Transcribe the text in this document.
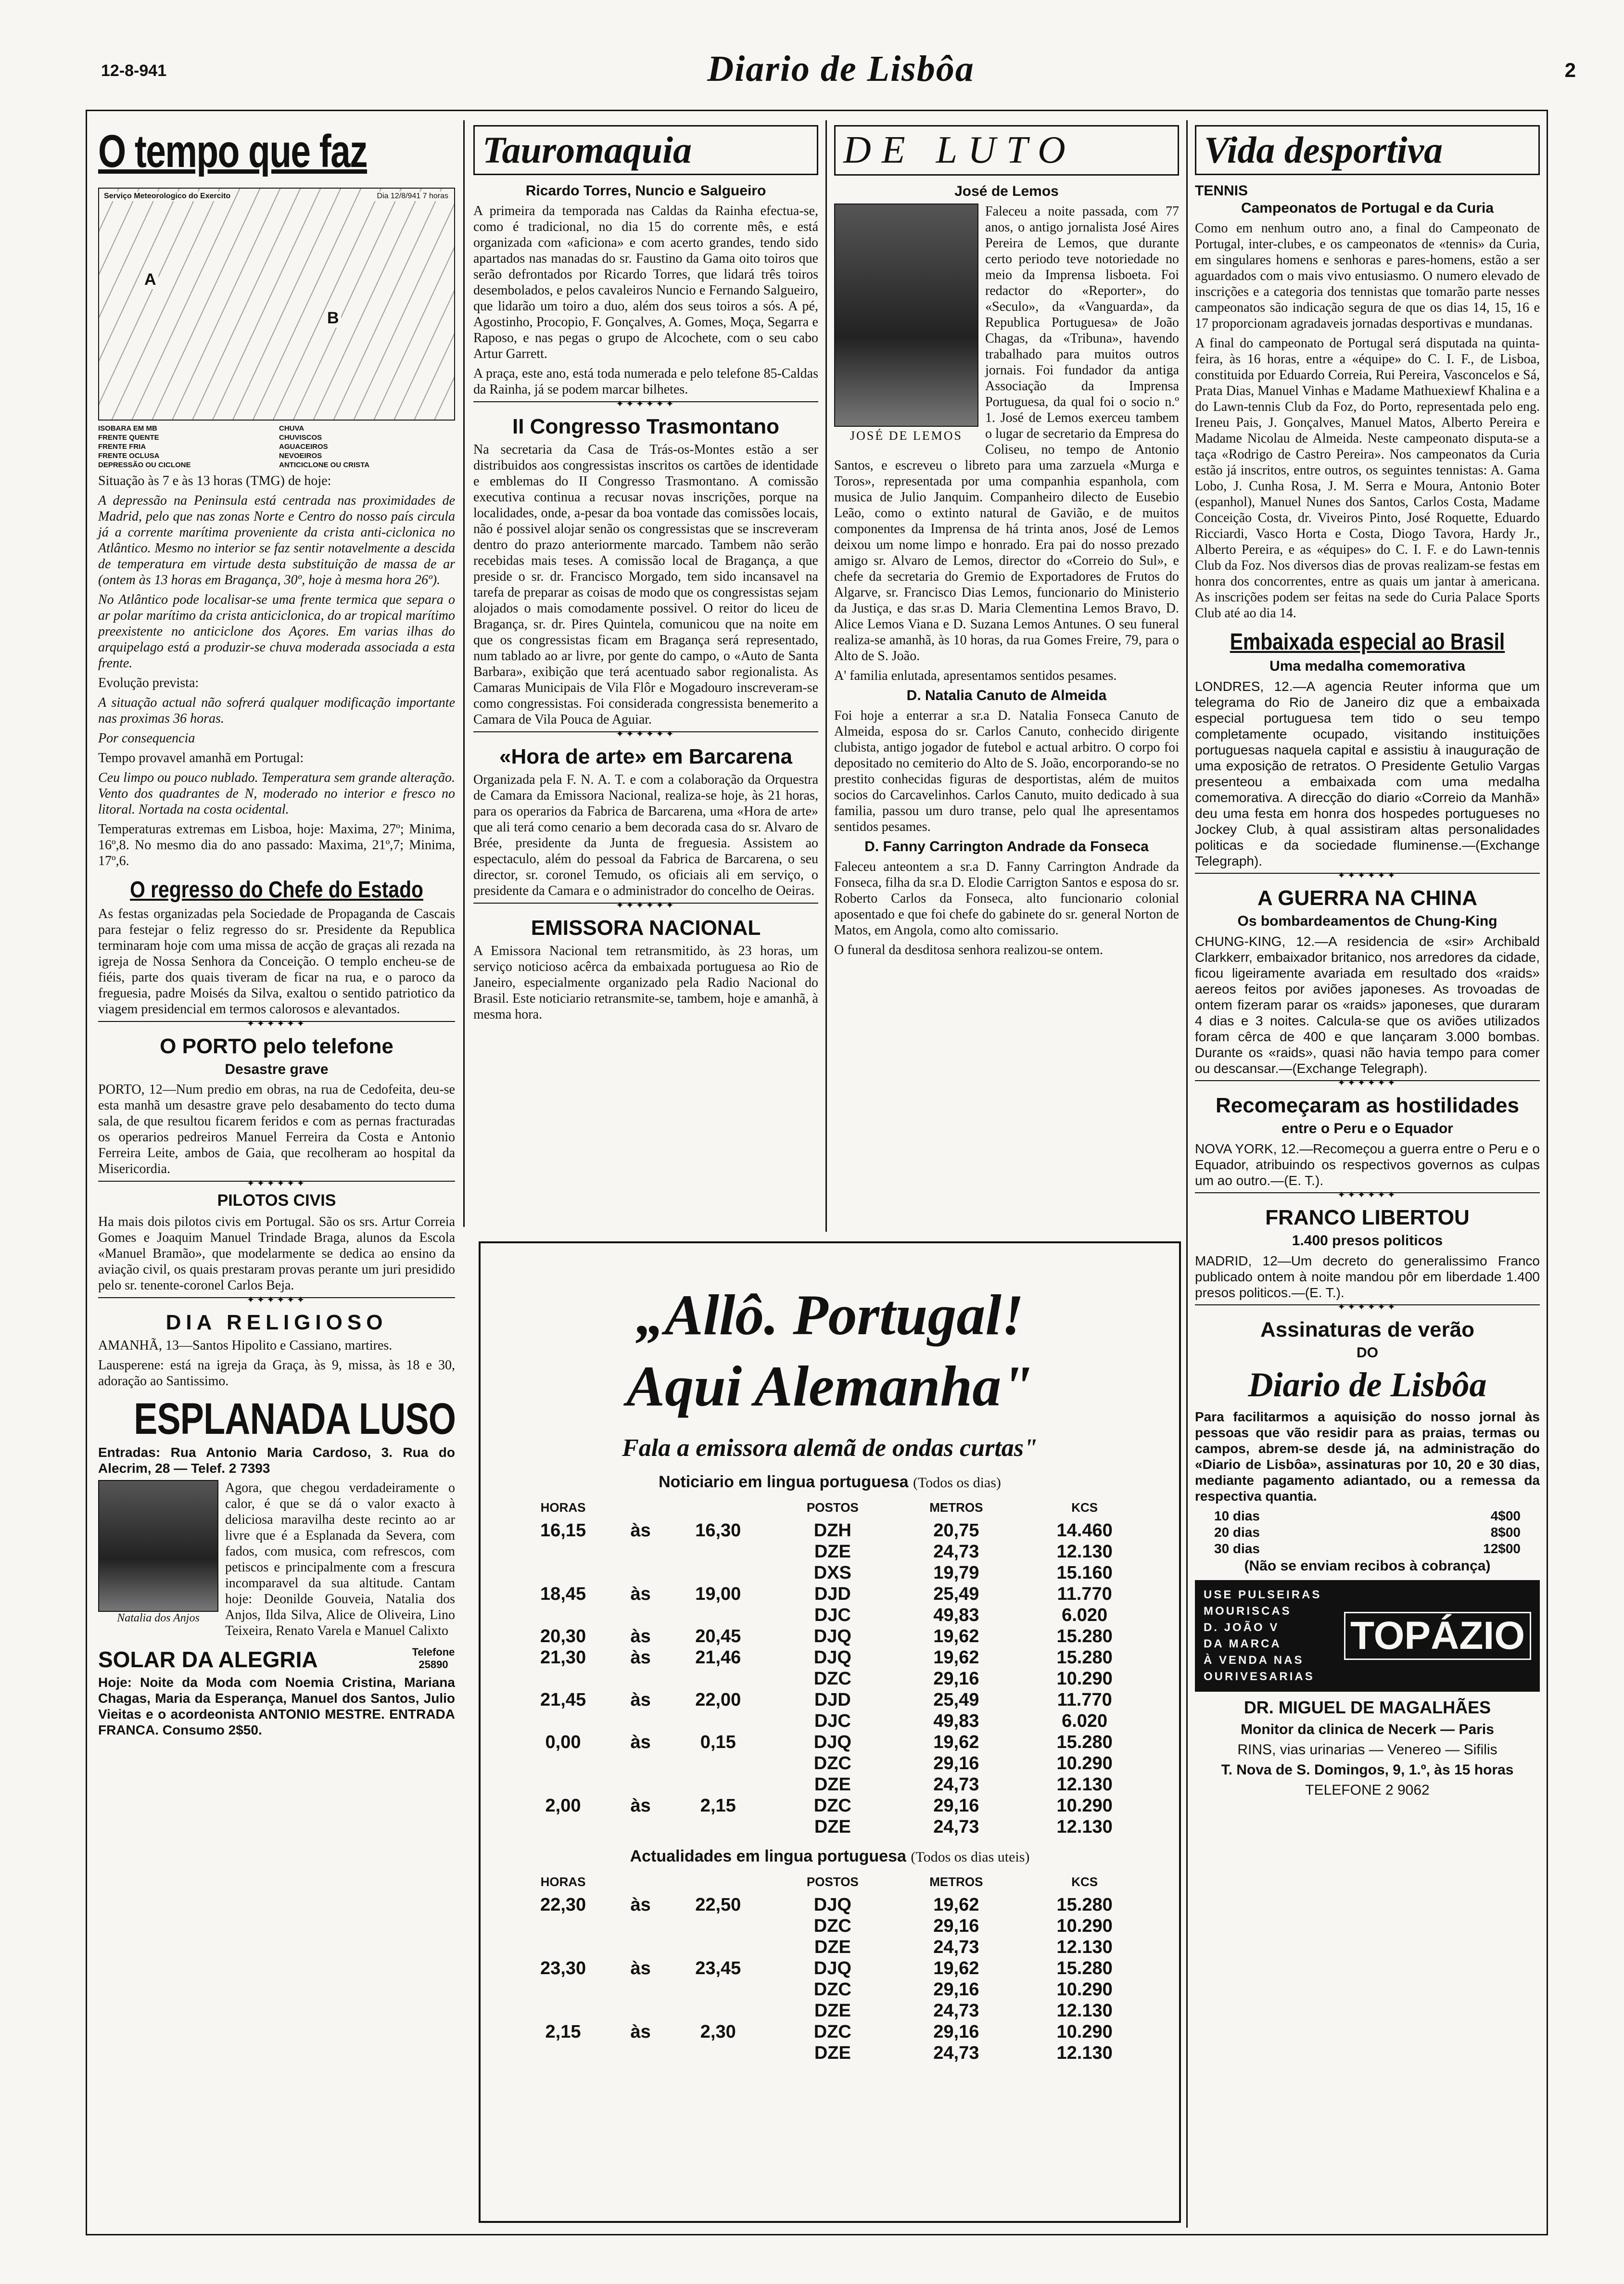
12-8-941	Diario de Lisbôa	2
O tempo que faz
Serviço Meteorologico do Exercito	Dia 12/8/941 7 horas
A
B
ISOBARA EM MB	CHUVA
FRENTE QUENTE	CHUVISCOS
FRENTE FRIA	AGUACEIROS
FRENTE OCLUSA	NEVOEIROS
DEPRESSÃO OU CICLONE	ANTICICLONE OU CRISTA

Situação às 7 e às 13 horas (TMG) de hoje:

A depressão na Peninsula está centrada nas proximidades de Madrid, pelo que nas zonas Norte e Centro do nosso país circula já a corrente marítima proveniente da crista anti-ciclonica no Atlântico. Mesmo no interior se faz sentir notavelmente a descida de temperatura em virtude desta substituição de massa de ar (ontem às 13 horas em Bragança, 30º, hoje à mesma hora 26º).

No Atlântico pode localisar-se uma frente termica que separa o ar polar marítimo da crista anticiclonica, do ar tropical marítimo preexistente no anticiclone dos Açores. Em varias ilhas do arquipelago está a produzir-se chuva moderada associada a esta frente.

Evolução prevista:

A situação actual não sofrerá qualquer modificação importante nas proximas 36 horas.

Por consequencia

Tempo provavel amanhã em Portugal:

Ceu limpo ou pouco nublado. Temperatura sem grande alteração. Vento dos quadrantes de N, moderado no interior e fresco no litoral. Nortada na costa ocidental.

Temperaturas extremas em Lisboa, hoje: Maxima, 27º; Minima, 16º,8. No mesmo dia do ano passado: Maxima, 21º,7; Minima, 17º,6.

O regresso do Chefe do Estado

As festas organizadas pela Sociedade de Propaganda de Cascais para festejar o feliz regresso do sr. Presidente da Republica terminaram hoje com uma missa de acção de graças ali rezada na igreja de Nossa Senhora da Conceição. O templo encheu-se de fiéis, parte dos quais tiveram de ficar na rua, e o paroco da freguesia, padre Moisés da Silva, exaltou o sentido patriotico da viagem presidencial em termos calorosos e alevantados.

✦✦✦✦✦✦
O PORTO pelo telefone
Desastre grave

PORTO, 12—Num predio em obras, na rua de Cedofeita, deu-se esta manhã um desastre grave pelo desabamento do tecto duma sala, de que resultou ficarem feridos e com as pernas fracturadas os operarios pedreiros Manuel Ferreira da Costa e Antonio Ferreira Leite, ambos de Gaia, que recolheram ao hospital da Misericordia.

✦✦✦✦✦✦
PILOTOS CIVIS

Ha mais dois pilotos civis em Portugal. São os srs. Artur Correia Gomes e Joaquim Manuel Trindade Braga, alunos da Escola «Manuel Bramão», que modelarmente se dedica ao ensino da aviação civil, os quais prestaram provas perante um juri presidido pelo sr. tenente-coronel Carlos Beja.

✦✦✦✦✦✦
DIA RELIGIOSO

AMANHÃ, 13—Santos Hipolito e Cassiano, martires.

Lausperene: está na igreja da Graça, às 9, missa, às 18 e 30, adoração ao Santissimo.

ESPLANADA LUSO
Entradas: Rua Antonio Maria Cardoso, 3. Rua do Alecrim, 28 — Telef. 2 7393
Natalia dos Anjos

Agora, que chegou verdadeiramente o calor, é que se dá o valor exacto à deliciosa maravilha deste recinto ao ar livre que é a Esplanada da Severa, com fados, com musica, com refrescos, com petiscos e principalmente com a frescura incomparavel da sua altitude. Cantam hoje: Deonilde Gouveia, Natalia dos Anjos, Ilda Silva, Alice de Oliveira, Lino Teixeira, Renato Varela e Manuel Calixto

SOLAR DA ALEGRIA	Telefone 25890
Hoje: Noite da Moda com Noemia Cristina, Mariana Chagas, Maria da Esperança, Manuel dos Santos, Julio Vieitas e o acordeonista ANTONIO MESTRE. ENTRADA FRANCA. Consumo 2$50.
Tauromaquia
Ricardo Torres, Nuncio e Salgueiro

A primeira da temporada nas Caldas da Rainha efectua-se, como é tradicional, no dia 15 do corrente mês, e está organizada com «aficiona» e com acerto grandes, tendo sido apartados nas manadas do sr. Faustino da Gama oito toiros que serão defrontados por Ricardo Torres, que lidará três toiros desembolados, e pelos cavaleiros Nuncio e Fernando Salgueiro, que lidarão um toiro a duo, além dos seus toiros a sós. A pé, Agostinho, Procopio, F. Gonçalves, A. Gomes, Moça, Segarra e Raposo, e nas pegas o grupo de Alcochete, com o seu cabo Artur Garrett.

A praça, este ano, está toda numerada e pelo telefone 85-Caldas da Rainha, já se podem marcar bilhetes.

✦✦✦✦✦✦
II Congresso Trasmontano

Na secretaria da Casa de Trás-os-Montes estão a ser distribuidos aos congressistas inscritos os cartões de identidade e emblemas do II Congresso Trasmontano. A comissão executiva continua a recusar novas inscrições, porque na localidades, onde, a-pesar da boa vontade das comissões locais, não é possivel alojar senão os congressistas que se inscreveram dentro do prazo anteriormente marcado. Tambem não serão recebidas mais teses. A comissão local de Bragança, a que preside o sr. dr. Francisco Morgado, tem sido incansavel na tarefa de preparar as coisas de modo que os congressistas sejam alojados o mais comodamente possivel. O reitor do liceu de Bragança, sr. dr. Pires Quintela, comunicou que na noite em que os congressistas ficam em Bragança será representado, num tablado ao ar livre, por gente do campo, o «Auto de Santa Barbara», exibição que terá acentuado sabor regionalista. As Camaras Municipais de Vila Flôr e Mogadouro inscreveram-se como congressistas. Foi considerada congressista benemerito a Camara de Vila Pouca de Aguiar.

✦✦✦✦✦✦
«Hora de arte» em Barcarena

Organizada pela F. N. A. T. e com a colaboração da Orquestra de Camara da Emissora Nacional, realiza-se hoje, às 21 horas, para os operarios da Fabrica de Barcarena, uma «Hora de arte» que ali terá como cenario a bem decorada casa do sr. Alvaro de Brée, presidente da Junta de freguesia. Assistem ao espectaculo, além do pessoal da Fabrica de Barcarena, o seu director, sr. coronel Temudo, os oficiais ali em serviço, o presidente da Camara e o administrador do concelho de Oeiras.

✦✦✦✦✦✦
EMISSORA NACIONAL

A Emissora Nacional tem retransmitido, às 23 horas, um serviço noticioso acêrca da embaixada portuguesa ao Rio de Janeiro, especialmente organizado pela Radio Nacional do Brasil. Este noticiario retransmite-se, tambem, hoje e amanhã, à mesma hora.

DE LUTO
José de Lemos
JOSÉ DE LEMOS

Faleceu a noite passada, com 77 anos, o antigo jornalista José Aires Pereira de Lemos, que durante certo periodo teve notoriedade no meio da Imprensa lisboeta. Foi redactor do «Reporter», do «Seculo», da «Vanguarda», da Republica Portuguesa» de João Chagas, da «Tribuna», havendo trabalhado para muitos outros jornais. Foi fundador da antiga Associação da Imprensa Portuguesa, da qual foi o socio n.º 1. José de Lemos exerceu tambem o lugar de secretario da Empresa do Coliseu, no tempo de Antonio Santos, e escreveu o libreto para uma zarzuela «Murga e Toros», representada por uma companhia espanhola, com musica de Julio Janquim. Companheiro dilecto de Eusebio Leão, como o extinto natural de Gavião, e de muitos componentes da Imprensa de há trinta anos, José de Lemos deixou um nome limpo e honrado. Era pai do nosso prezado amigo sr. Alvaro de Lemos, director do «Correio do Sul», e chefe da secretaria do Gremio de Exportadores de Frutos do Algarve, sr. Francisco Dias Lemos, funcionario do Ministerio da Justiça, e das sr.as D. Maria Clementina Lemos Bravo, D. Alice Lemos Viana e D. Suzana Lemos Antunes. O seu funeral realiza-se amanhã, às 10 horas, da rua Gomes Freire, 79, para o Alto de S. João.

A' familia enlutada, apresentamos sentidos pesames.

D. Natalia Canuto de Almeida

Foi hoje a enterrar a sr.a D. Natalia Fonseca Canuto de Almeida, esposa do sr. Carlos Canuto, conhecido dirigente clubista, antigo jogador de futebol e actual arbitro. O corpo foi depositado no cemiterio do Alto de S. João, encorporando-se no prestito conhecidas figuras de desportistas, além de muitos socios do Carcavelinhos. Carlos Canuto, muito dedicado à sua familia, passou um duro transe, pelo qual lhe apresentamos sentidos pesames.

D. Fanny Carrington Andrade da Fonseca

Faleceu anteontem a sr.a D. Fanny Carrington Andrade da Fonseca, filha da sr.a D. Elodie Carrigton Santos e esposa do sr. Roberto Carlos da Fonseca, alto funcionario colonial aposentado e que foi chefe do gabinete do sr. general Norton de Matos, em Angola, como alto comissario.

O funeral da desditosa senhora realizou-se ontem.

Vida desportiva
TENNIS
Campeonatos de Portugal e da Curia

Como em nenhum outro ano, a final do Campeonato de Portugal, inter-clubes, e os campeonatos de «tennis» da Curia, em singulares homens e senhoras e pares-homens, estão a ser aguardados com o mais vivo entusiasmo. O numero elevado de inscrições e a categoria dos tennistas que tomarão parte nesses campeonatos são indicação segura de que os dias 14, 15, 16 e 17 proporcionam agradaveis jornadas desportivas e mundanas.

A final do campeonato de Portugal será disputada na quinta-feira, às 16 horas, entre a «équipe» do C. I. F., de Lisboa, constituida por Eduardo Correia, Rui Pereira, Vasconcelos e Sá, Prata Dias, Manuel Vinhas e Madame Mathuexiewf Khalina e a do Lawn-tennis Club da Foz, do Porto, representada pelo eng. Ireneu Pais, J. Gonçalves, Manuel Matos, Alberto Pereira e Madame Nicolau de Almeida. Neste campeonato disputa-se a taça «Rodrigo de Castro Pereira». Nos campeonatos da Curia estão já inscritos, entre outros, os seguintes tennistas: A. Gama Lobo, J. Cunha Rosa, J. M. Serra e Moura, Antonio Boter (espanhol), Manuel Nunes dos Santos, Carlos Costa, Madame Conceição Costa, dr. Viveiros Pinto, José Roquette, Eduardo Ricciardi, Vasco Horta e Costa, Diogo Tavora, Hardy Jr., Alberto Pereira, e as «équipes» do C. I. F. e do Lawn-tennis Club da Foz. Nos diversos dias de provas realizam-se festas em honra dos concorrentes, entre as quais um jantar à americana. As inscrições podem ser feitas na sede do Curia Palace Sports Club até ao dia 14.

Embaixada especial ao Brasil
Uma medalha comemorativa
LONDRES, 12.—A agencia Reuter informa que um telegrama do Rio de Janeiro diz que a embaixada especial portuguesa tem tido o seu tempo completamente ocupado, visitando instituições portuguesas naquela capital e assistiu à inauguração de uma exposição de retratos. O Presidente Getulio Vargas presenteou a embaixada com uma medalha comemorativa. A direcção do diario «Correio da Manhã» deu uma festa em honra dos hospedes portugueses no Jockey Club, à qual assistiram altas personalidades politicas e da sociedade fluminense.—(Exchange Telegraph).
✦✦✦✦✦✦
A GUERRA NA CHINA
Os bombardeamentos de Chung-King
CHUNG-KING, 12.—A residencia de «sir» Archibald Clarkkerr, embaixador britanico, nos arredores da cidade, ficou ligeiramente avariada em resultado dos «raids» aereos feitos por aviões japoneses. As trovoadas de ontem fizeram parar os «raids» japoneses, que duraram 4 dias e 3 noites. Calcula-se que os aviões utilizados foram cêrca de 400 e que lançaram 3.000 bombas. Durante os «raids», quasi não havia tempo para comer ou descansar.—(Exchange Telegraph).
✦✦✦✦✦✦
Recomeçaram as hostilidades
entre o Peru e o Equador
NOVA YORK, 12.—Recomeçou a guerra entre o Peru e o Equador, atribuindo os respectivos governos as culpas um ao outro.—(E. T.).
✦✦✦✦✦✦
FRANCO LIBERTOU
1.400 presos politicos
MADRID, 12—Um decreto do generalissimo Franco publicado ontem à noite mandou pôr em liberdade 1.400 presos politicos.—(E. T.).
✦✦✦✦✦✦
Assinaturas de verão
DO
Diario de Lisbôa
Para facilitarmos a aquisição do nosso jornal às pessoas que vão residir para as praias, termas ou campos, abrem-se desde já, na administração do «Diario de Lisbôa», assinaturas por 10, 20 e 30 dias, mediante pagamento adiantado, ou a remessa da respectiva quantia.
10 dias	4$00
20 dias	8$00
30 dias	12$00
(Não se enviam recibos à cobrança)
USE PULSEIRAS MOURISCAS
D. JOÃO V
DA MARCA
À VENDA NAS OURIVESARIAS
TOPÁZIO
DR. MIGUEL DE MAGALHÃES
Monitor da clinica de Necerk — Paris
RINS, vias urinarias — Venereo — Sifilis
T. Nova de S. Domingos, 9, 1.º, às 15 horas
TELEFONE 2 9062
„Allô. Portugal!
Aqui Alemanha"
Fala a emissora alemã de ondas curtas"
Noticiario em lingua portuguesa (Todos os dias)
HORAS			POSTOS	METROS	KCS
16,15	às	16,30	DZH	20,75	14.460
			DZE	24,73	12.130
			DXS	19,79	15.160
18,45	às	19,00	DJD	25,49	11.770
			DJC	49,83	6.020
20,30	às	20,45	DJQ	19,62	15.280
21,30	às	21,46	DJQ	19,62	15.280
			DZC	29,16	10.290
21,45	às	22,00	DJD	25,49	11.770
			DJC	49,83	6.020
0,00	às	0,15	DJQ	19,62	15.280
			DZC	29,16	10.290
			DZE	24,73	12.130
2,00	às	2,15	DZC	29,16	10.290
			DZE	24,73	12.130
Actualidades em lingua portuguesa (Todos os dias uteis)
HORAS			POSTOS	METROS	KCS
22,30	às	22,50	DJQ	19,62	15.280
			DZC	29,16	10.290
			DZE	24,73	12.130
23,30	às	23,45	DJQ	19,62	15.280
			DZC	29,16	10.290
			DZE	24,73	12.130
2,15	às	2,30	DZC	29,16	10.290
			DZE	24,73	12.130
